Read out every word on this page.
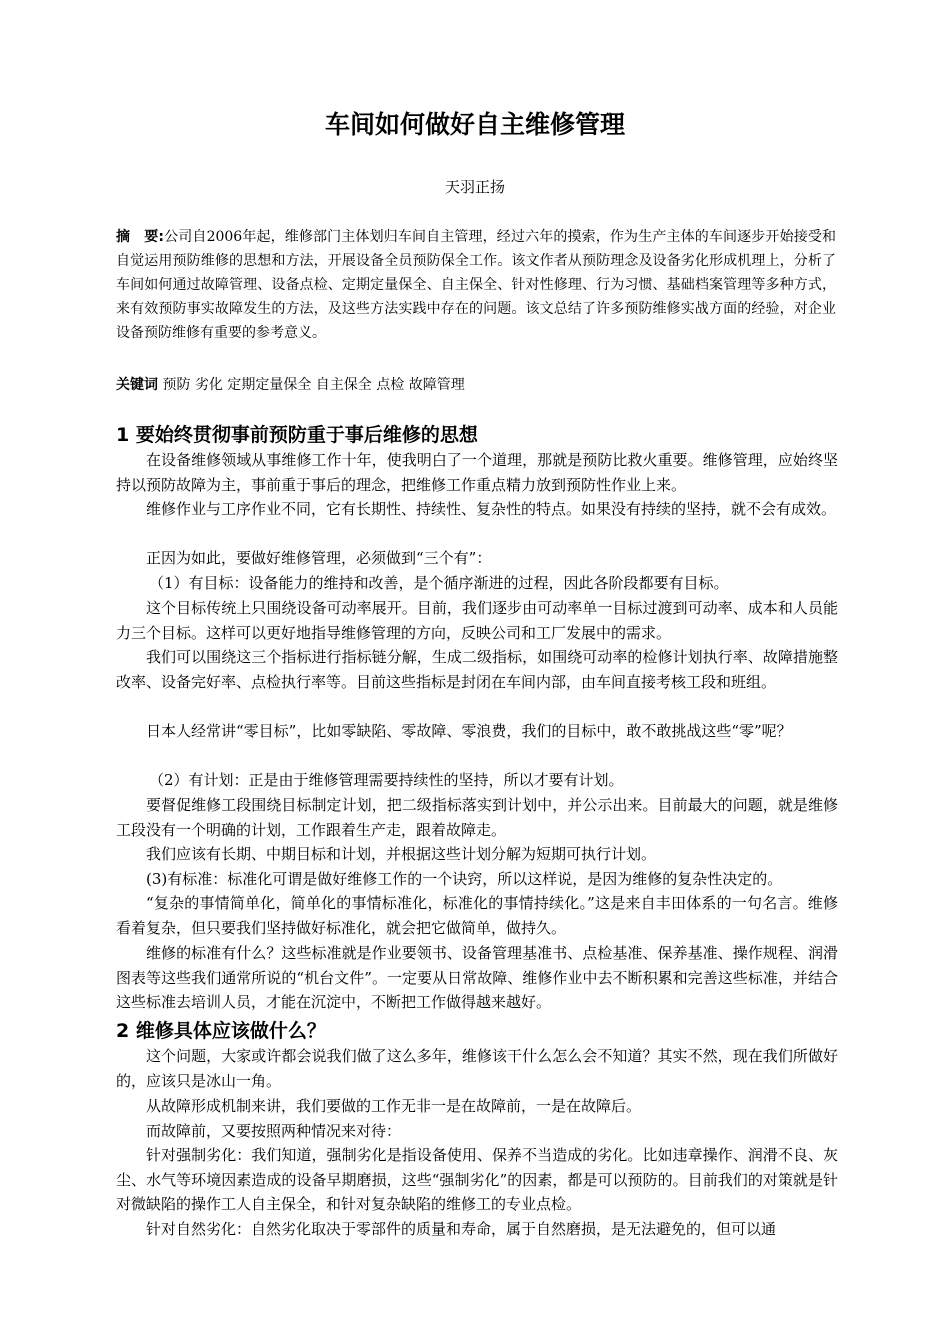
车间如何做好自主维修管理
天羽正扬
摘　要:公司自2006年起，维修部门主体划归车间自主管理，经过六年的摸索，作为生产主体的车间逐步开始接受和自觉运用预防维修的思想和方法，开展设备全员预防保全工作。该文作者从预防理念及设备劣化形成机理上，分析了车间如何通过故障管理、设备点检、定期定量保全、自主保全、针对性修理、行为习惯、基础档案管理等多种方式，来有效预防事实故障发生的方法，及这些方法实践中存在的问题。该文总结了许多预防维修实战方面的经验，对企业设备预防维修有重要的参考意义。
关键词 预防 劣化 定期定量保全 自主保全 点检 故障管理
1 要始终贯彻事前预防重于事后维修的思想
在设备维修领域从事维修工作十年，使我明白了一个道理，那就是预防比救火重要。维修管理，应始终坚持以预防故障为主，事前重于事后的理念，把维修工作重点精力放到预防性作业上来。
维修作业与工序作业不同，它有长期性、持续性、复杂性的特点。如果没有持续的坚持，就不会有成效。
正因为如此，要做好维修管理，必须做到“三个有”：
（1）有目标：设备能力的维持和改善，是个循序渐进的过程，因此各阶段都要有目标。
这个目标传统上只围绕设备可动率展开。目前，我们逐步由可动率单一目标过渡到可动率、成本和人员能力三个目标。这样可以更好地指导维修管理的方向，反映公司和工厂发展中的需求。
我们可以围绕这三个指标进行指标链分解，生成二级指标，如围绕可动率的检修计划执行率、故障措施整改率、设备完好率、点检执行率等。目前这些指标是封闭在车间内部，由车间直接考核工段和班组。
日本人经常讲“零目标”，比如零缺陷、零故障、零浪费，我们的目标中，敢不敢挑战这些“零”呢？
（2）有计划：正是由于维修管理需要持续性的坚持，所以才要有计划。
要督促维修工段围绕目标制定计划，把二级指标落实到计划中，并公示出来。目前最大的问题，就是维修工段没有一个明确的计划，工作跟着生产走，跟着故障走。
我们应该有长期、中期目标和计划，并根据这些计划分解为短期可执行计划。
(3)有标准：标准化可谓是做好维修工作的一个诀窍，所以这样说，是因为维修的复杂性决定的。
“复杂的事情简单化，简单化的事情标准化，标准化的事情持续化。”这是来自丰田体系的一句名言。维修看着复杂，但只要我们坚持做好标准化，就会把它做简单，做持久。
维修的标准有什么？这些标准就是作业要领书、设备管理基准书、点检基准、保养基准、操作规程、润滑图表等这些我们通常所说的“机台文件”。一定要从日常故障、维修作业中去不断积累和完善这些标准，并结合这些标准去培训人员，才能在沉淀中，不断把工作做得越来越好。
2 维修具体应该做什么？
这个问题，大家或许都会说我们做了这么多年，维修该干什么怎么会不知道？其实不然，现在我们所做好的，应该只是冰山一角。
从故障形成机制来讲，我们要做的工作无非一是在故障前，一是在故障后。
而故障前，又要按照两种情况来对待：
针对强制劣化：我们知道，强制劣化是指设备使用、保养不当造成的劣化。比如违章操作、润滑不良、灰尘、水气等环境因素造成的设备早期磨损，这些“强制劣化”的因素，都是可以预防的。目前我们的对策就是针对微缺陷的操作工人自主保全，和针对复杂缺陷的维修工的专业点检。
针对自然劣化：自然劣化取决于零部件的质量和寿命，属于自然磨损，是无法避免的，但可以通
